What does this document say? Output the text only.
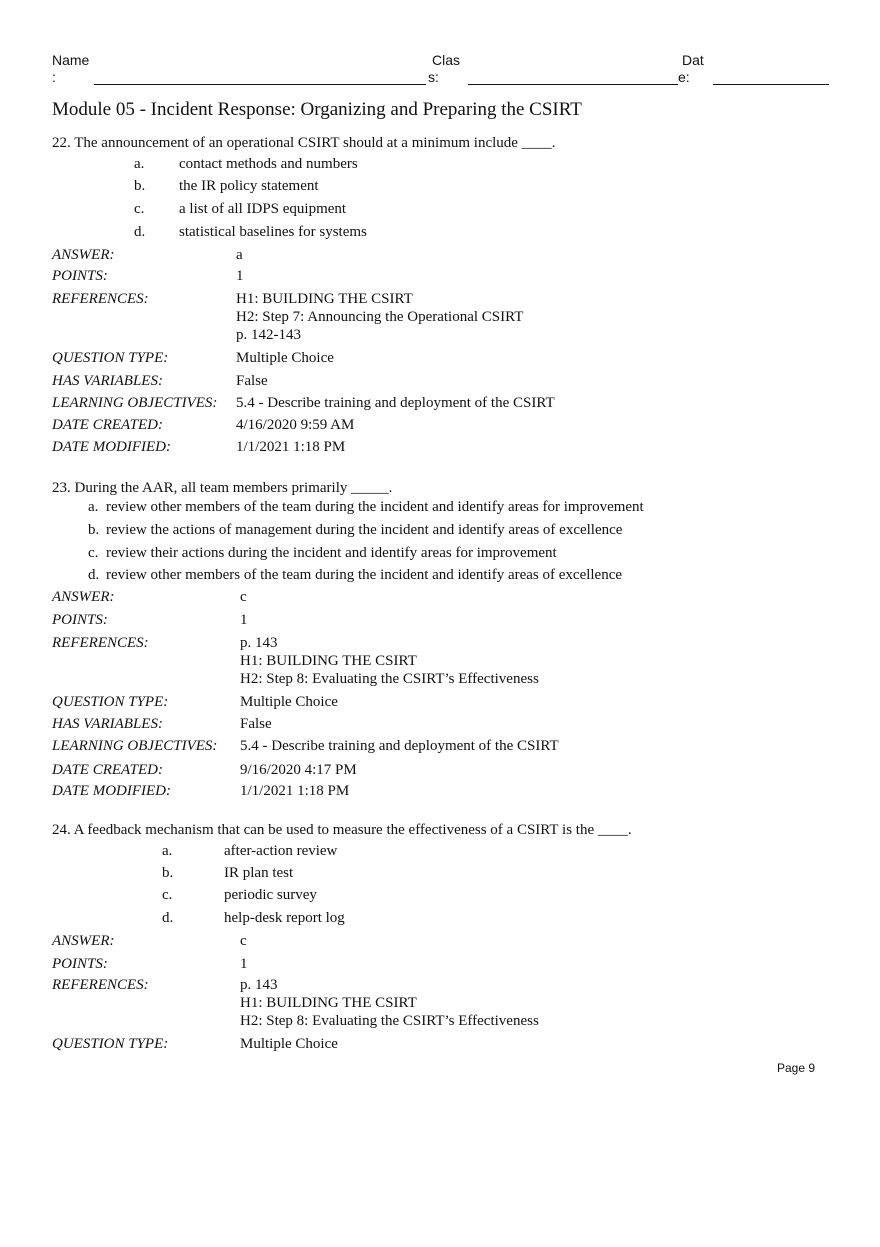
Name
:
Clas
s:
Dat
e:
Module 05 - Incident Response: Organizing and Preparing the CSIRT
22. The announcement of an operational CSIRT should at a minimum include ____.
a. contact methods and numbers
b. the IR policy statement
c. a list of all IDPS equipment
d. statistical baselines for systems
ANSWER:	a
POINTS:	1
REFERENCES:	H1: BUILDING THE CSIRT
H2: Step 7: Announcing the Operational CSIRT
p. 142-143
QUESTION TYPE:	Multiple Choice
HAS VARIABLES:	False
LEARNING OBJECTIVES: 5.4 - Describe training and deployment of the CSIRT
DATE CREATED:	4/16/2020 9:59 AM
DATE MODIFIED:	1/1/2021 1:18 PM
23. During the AAR, all team members primarily _____.
a. review other members of the team during the incident and identify areas for improvement
b. review the actions of management during the incident and identify areas of excellence
c. review their actions during the incident and identify areas for improvement
d. review other members of the team during the incident and identify areas of excellence
ANSWER:	c
POINTS:	1
REFERENCES:	p. 143
H1: BUILDING THE CSIRT
H2: Step 8: Evaluating the CSIRT’s Effectiveness
QUESTION TYPE:	Multiple Choice
HAS VARIABLES:	False
LEARNING OBJECTIVES: 5.4 - Describe training and deployment of the CSIRT
DATE CREATED:	9/16/2020 4:17 PM
DATE MODIFIED:	1/1/2021 1:18 PM
24. A feedback mechanism that can be used to measure the effectiveness of a CSIRT is the ____.
a.	after-action review
b.	IR plan test
c.	periodic survey
d.	help-desk report log
ANSWER:	c
POINTS:	1
REFERENCES:	p. 143
H1: BUILDING THE CSIRT
H2: Step 8: Evaluating the CSIRT’s Effectiveness
QUESTION TYPE:	Multiple Choice
Page 9
